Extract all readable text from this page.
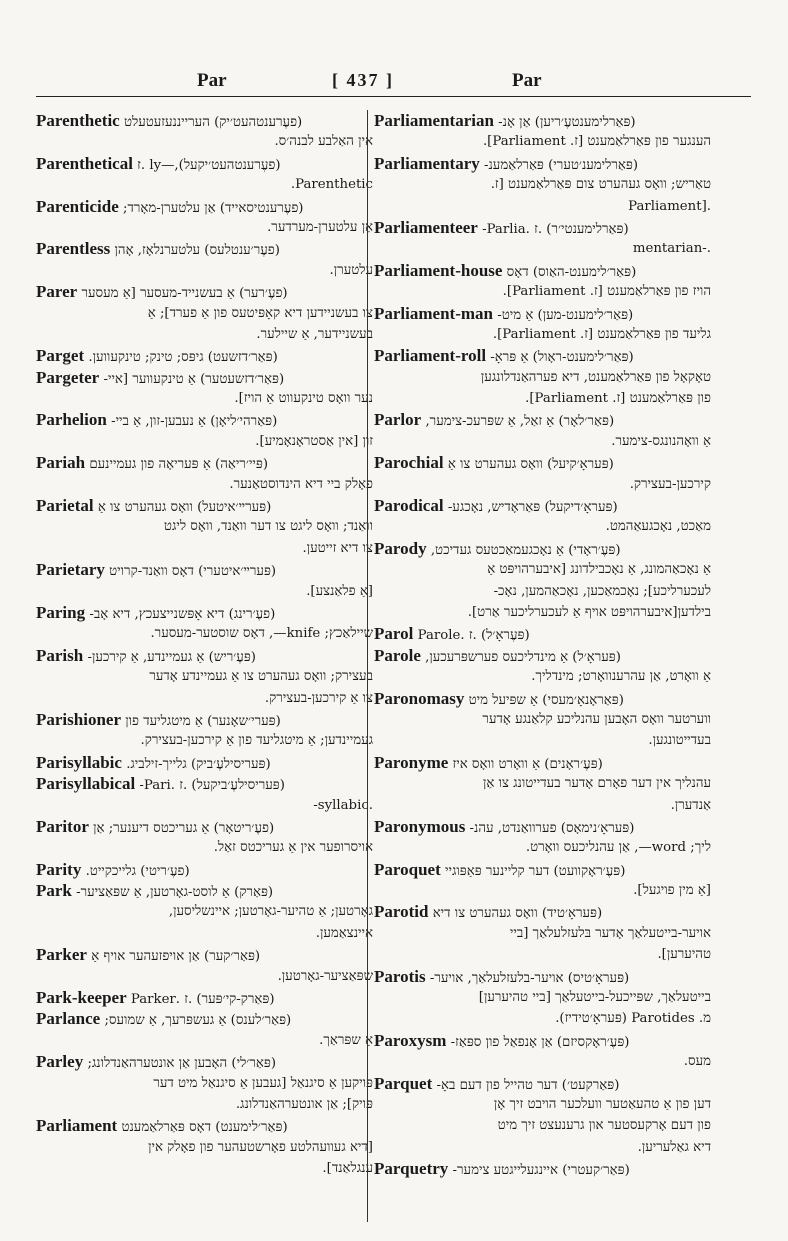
Par	[ 437 ]	Par
Parenthetic (פעֶרענטהעט׳יק) הערייננעזעטעלט
אין האַלבע לבנה׳ס.
Parenthetical (פעֶרענטהעט׳יקעל),—ly .ז
.Parenthetic
Parenticide (פעֶרענטיסאייד) אַן עלטערן-מאָרד;
אַן עלטערן-מערדער.
Parentless (פעֶר׳ענטלעס) עלטערנלאָז, אָהן
עלטערן.
Parer (פעֶ׳רער) אַ בעשנייד-מעסער [אַ מעסער
צו בעשניידען דיא קאָפּיטעס פון אַ פערד]; אַ
בעשניידער, אַ שיילער.
Parget (פּאַר׳דזשעט) גיפּס; טינק; טינקעווען.
Pargeter (פּאַר׳דזשעטער) אַ טינקעווער [איי-
נער וואָס טינקעווט אַ הויז].
Parhelion (פּאַרהי׳ליאָן) אַ נעבען-זון, אַ ביי-
זון [אין אַסטראָנאָמיע].
Pariah (פּיי׳ריאַה) אַ פּעריאָה פון געמיינעם
פאָלק ביי דיא הינדוסטאַנער.
Parietal (פּערײ׳איטעל) וואָס געהערט צו אַ
וואַנד; וואָס ליגט צו דער וואַנד, וואָס ליגט
צו דיא זייטען.
Parietary (פּערײ׳איטערי) דאָס וואַנד-קרויט
[אַ פלאַנצע].
Paring (פעֶ׳רינג) דיא אָפּשנייצעכץ, דיא אָב-
שיילאַכץ; knife—, דאָס שוסטער-מעסער.
Parish (פּעֶ׳ריש) אַ געמיינדע, אַ קירכען-
בעצירק; וואָס געהערט צו אַ געמיינדע אָדער
צו אַ קירכען-בעצירק.
Parishioner (פּערי׳שאָנער) אַ מיטגליעד פון
געמיינדען; אַ מיטגליעד פון אַ קירכען-בעצירק.
Parisyllabic (פּעריסילעֶ׳ביק) גלייך-זילביג.
Parisyllabical (פּעריסילעֶ׳ביקעל) .ז .Pari-
-syllabic.
Paritor (פעֶ׳ריטאָר) אַ געריכטס דיענער; אַן
אויסרופער אין אַ געריכטס זאַל.
Parity (פעֶ׳ריטי) גלייכקייט.
Park (פּאַרק) אַ לוסט-גאָרטען, אַ שפּאַציער-
גאָרטען; אַ טהיער-גאָרטען; איינשליסען,
איינצאַמען.
Parker (פּאַר׳קער) אַן אויפזעהער אויף אַ
שפּאַציער-גאָרטען.
Park-keeper (פּאַרק-קי׳פּער) .ז .Parker
Parlance (פּאַר׳לענס) אַ געשפּרעך, אַ שמועס;
אַ שפּראַך.
Parley (פּאַר׳לי) האָבען אַן אונטערהאַנדלונג;
פּויקען אַ סיגנאַל [געבען אַ סיגנאַל מיט דער
פּויק]; אַן אונטערהאַנדלונג.
Parliament (פּאַר׳לימענט) דאָס פּאַרלאַמענט
[דיא געוועהלטע פאָרשטעהער פון פאָלק אין
ענגלאַנד].
Parliamentarian (פּאַרלימענטעֶ׳ריען) אַן אָנ-
הענגער פון פּאַרלאַמענט [ז. Parliament].
Parliamentary (פּאַרלימענ׳טערי) פּאַרלאַמענ-
טאַריש; וואָס געהערט צום פּאַרלאַמענט [ז.
Parliament].
Parliamenteer (פּאַרלימענטי׳ר) .ז .Parlia-
mentarian-.
Parliament-house (פּאַר׳לימענט-האַוס) דאָס
הויז פון פּאַרלאַמענט [ז. Parliament].
Parliament-man (פּאַר׳לימענט-מען) אַ מיט-
גליעד פון פּאַרלאַמענט [ז. Parliament].
Parliament-roll (פּאַר׳לימענט-ראָול) אַ פּראָ-
טאָקאָל פון פּאַרלאַמענט, דיא פערהאַנדלונגען
פון פּאַרלאַמענט [ז. Parliament].
Parlor (פּאַר׳לאָר) אַ זאַל, אַ שפּרעכ-צימער,
אַ וואָהנונגס-צימער.
Parochial (פּעראָ׳קיעל) וואָס געהערט צו אַ
קירכען-בעצירק.
Parodical (פּעראָ׳דיקעל) פּאַראָדיש, נאָכגע-
מאַכט, נאָכגעאַהמט.
Parody (פּעֶ׳ראָדי) אַ נאָכגעמאַכטעס געדיכט,
אַ נאָכאַהמונג, אַ נאָכבילדונג [איבערהויפּט אַ
לעכערליכע]; נאָכמאַכען, נאָכאַהמען, נאָכ-
בילדען[איבערהויפּט אויף אַ לעכערליכער אַרט].
Parol (פּעֶראָ׳ל) .ז .Parole
Parole (פּעראָ׳ל) אַ מינדליכעס פערשפּרעכען,
אַ וואָרט, אַן עהרענוואָרט; מינדליך.
Paronomasy (פּאַראָנאָ׳מעסי) אַ שפּיעל מיט
ווערטער וואָס האָבען עהנליכע קלאַנגע אָדער
בעדייטונגען.
Paronyme (פּעֶ׳ראָנים) אַ וואָרט וואָס איז
עהנליך אין דער פאָרם אָדער בעדייטונג צו אַן
אַנדערן.
Paronymous (פּעראָ׳נימאָס) פערוואַנדט, עהנ-
ליך; word—, אַן עהנליכעס וואָרט.
Paroquet (פּעֶ׳ראָקוועט) דער קליינער פּאַפּוגיי
[אַ מין פויגעל].
Parotid (פּעראָ׳טיד) וואָס געהערט צו דיא
אויער-בייטעלאַך אָדער בּלעזלעלאַך [ביי
טהיערען].
Parotis (פּעראָ׳טיס) אויער-בלעזלעלאַך, אויער-
בייטעלאַך, שפּייכעל-בייטעלאַך [ביי טהיערען]
מ. Parotides (פּעראָ׳טידיז).
Paroxysm (פּעֶ׳ראָקסיזם) אַן אָנפאַל פון ספּאַז-
מעס.
Parquet (פּאַרקעט׳) דער טהייל פון דעם באָ-
דען פון אַ טהעאַטער וועלכער הויבט זיך אָן
פון דעם אָרקעסטער און גרענעצט זיך מיט
דיא גאַלעריען.
Parquetry (פּאַר׳קעטרי) איינגעלייגטע צימער-
